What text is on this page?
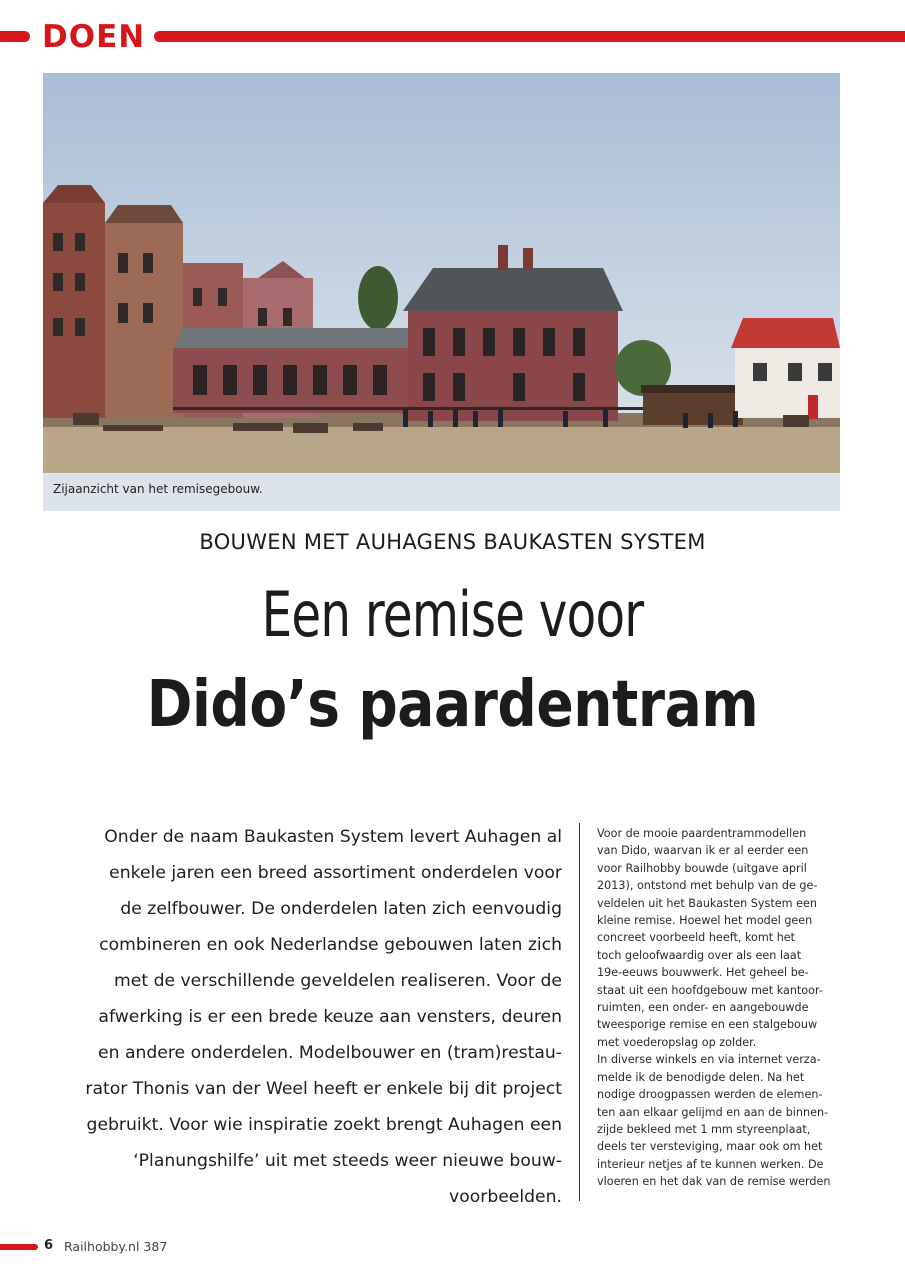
DOEN
Zijaanzicht van het remisegebouw.
BOUWEN MET AUHAGENS BAUKASTEN SYSTEM
Een remise voor
Dido’s paardentram
Onder de naam Baukasten System levert Auhagen al
enkele jaren een breed assortiment onderdelen voor
de zelfbouwer. De onderdelen laten zich eenvoudig
combineren en ook Nederlandse gebouwen laten zich
met de verschillende geveldelen realiseren. Voor de
afwerking is er een brede keuze aan vensters, deuren
en andere onderdelen. Modelbouwer en (tram)restau-
rator Thonis van der Weel heeft er enkele bij dit project
gebruikt. Voor wie inspiratie zoekt brengt Auhagen een
‘Planungshilfe’ uit met steeds weer nieuwe bouw-
voorbeelden.
Voor de mooie paardentrammodellen
van Dido, waarvan ik er al eerder een
voor Railhobby bouwde (uitgave april
2013), ontstond met behulp van de ge-
veldelen uit het Baukasten System een
kleine remise. Hoewel het model geen
concreet voorbeeld heeft, komt het
toch geloofwaardig over als een laat
19e-eeuws bouwwerk. Het geheel be-
staat uit een hoofdgebouw met kantoor-
ruimten, een onder- en aangebouwde
tweesporige remise en een stalgebouw
met voederopslag op zolder.
In diverse winkels en via internet verza-
melde ik de benodigde delen. Na het
nodige droogpassen werden de elemen-
ten aan elkaar gelijmd en aan de binnen-
zijde bekleed met 1 mm styreenplaat,
deels ter versteviging, maar ook om het
interieur netjes af te kunnen werken. De
vloeren en het dak van de remise werden
6 Railhobby.nl 387
